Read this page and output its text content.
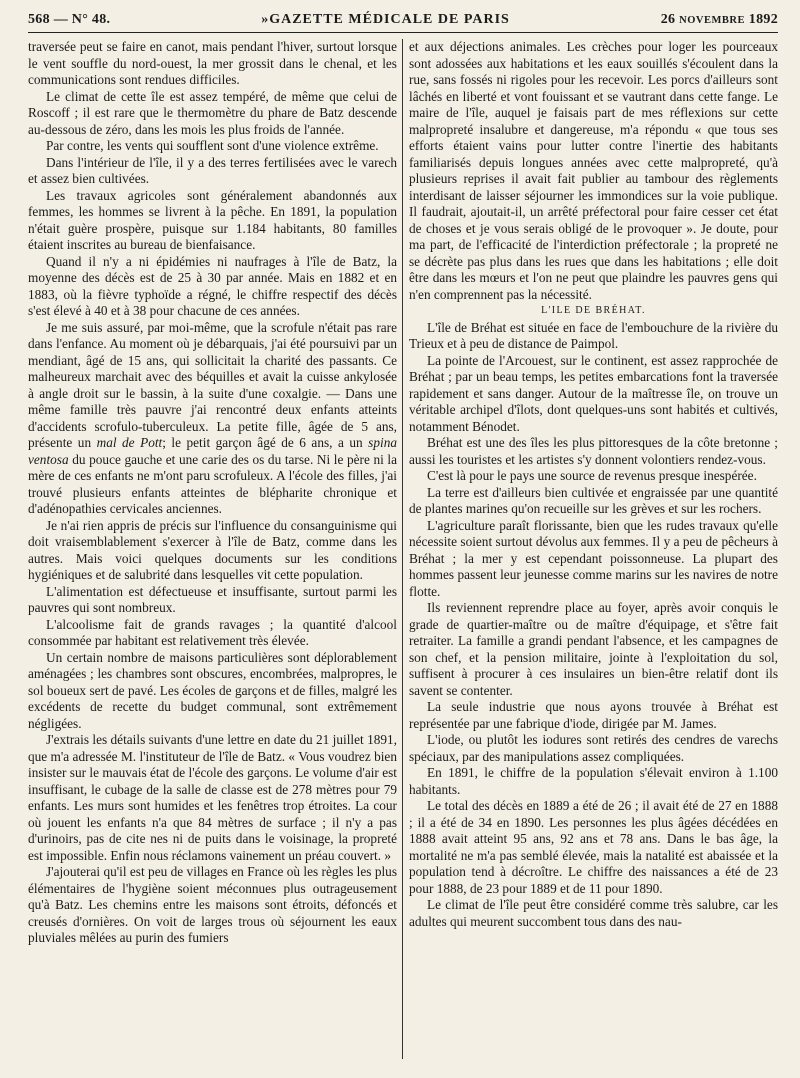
568 — N° 48.	»GAZETTE MÉDICALE DE PARIS	26 NOVEMBRE 1892

traversée peut se faire en canot, mais pendant l'hiver, surtout lorsque le vent souffle du nord-ouest, la mer grossit dans le chenal, et les communications sont rendues difficiles.

Le climat de cette île est assez tempéré, de même que celui de Roscoff ; il est rare que le thermomètre du phare de Batz descende au-dessous de zéro, dans les mois les plus froids de l'année.

Par contre, les vents qui soufflent sont d'une violence extrême.

Dans l'intérieur de l'île, il y a des terres fertilisées avec le varech et assez bien cultivées.

Les travaux agricoles sont généralement abandonnés aux femmes, les hommes se livrent à la pêche. En 1891, la population n'était guère prospère, puisque sur 1.184 habitants, 80 familles étaient inscrites au bureau de bienfaisance.

Quand il n'y a ni épidémies ni naufrages à l'île de Batz, la moyenne des décès est de 25 à 30 par année. Mais en 1882 et en 1883, où la fièvre typhoïde a régné, le chiffre respectif des décès s'est élevé à 40 et à 38 pour chacune de ces années.

Je me suis assuré, par moi-même, que la scrofule n'était pas rare dans l'enfance. Au moment où je débarquais, j'ai été poursuivi par un mendiant, âgé de 15 ans, qui sollicitait la charité des passants. Ce malheureux marchait avec des béquilles et avait la cuisse ankylosée à angle droit sur le bassin, à la suite d'une coxalgie. — Dans une même famille très pauvre j'ai rencontré deux enfants atteints d'accidents scrofulo-tuberculeux. La petite fille, âgée de 5 ans, présente un mal de Pott; le petit garçon âgé de 6 ans, a un spina ventosa du pouce gauche et une carie des os du tarse. Ni le père ni la mère de ces enfants ne m'ont paru scrofuleux. A l'école des filles, j'ai trouvé plusieurs enfants atteintes de blépharite chronique et d'adénopathies cervicales anciennes.

Je n'ai rien appris de précis sur l'influence du consanguinisme qui doit vraisemblablement s'exercer à l'île de Batz, comme dans les autres. Mais voici quelques documents sur les conditions hygiéniques et de salubrité dans lesquelles vit cette population.

L'alimentation est défectueuse et insuffisante, surtout parmi les pauvres qui sont nombreux.

L'alcoolisme fait de grands ravages ; la quantité d'alcool consommée par habitant est relativement très élevée.

Un certain nombre de maisons particulières sont déplorablement aménagées ; les chambres sont obscures, encombrées, malpropres, le sol boueux sert de pavé. Les écoles de garçons et de filles, malgré les excédents de recette du budget communal, sont extrêmement négligées.

J'extrais les détails suivants d'une lettre en date du 21 juillet 1891, que m'a adressée M. l'instituteur de l'île de Batz. « Vous voudrez bien insister sur le mauvais état de l'école des garçons. Le volume d'air est insuffisant, le cubage de la salle de classe est de 278 mètres pour 79 enfants. Les murs sont humides et les fenêtres trop étroites. La cour où jouent les enfants n'a que 84 mètres de surface ; il n'y a pas d'urinoirs, pas de cite nes ni de puits dans le voisinage, la propreté est impossible. Enfin nous réclamons vainement un préau couvert. »

J'ajouterai qu'il est peu de villages en France où les règles les plus élémentaires de l'hygiène soient méconnues plus outrageusement qu'à Batz. Les chemins entre les maisons sont étroits, défoncés et creusés d'ornières. On voit de larges trous où séjournent les eaux pluviales mêlées au purin des fumiers

et aux déjections animales. Les crèches pour loger les pourceaux sont adossées aux habitations et les eaux souillés s'écoulent dans la rue, sans fossés ni rigoles pour les recevoir. Les porcs d'ailleurs sont lâchés en liberté et vont fouissant et se vautrant dans cette fange. Le maire de l'île, auquel je faisais part de mes réflexions sur cette malpropreté insalubre et dangereuse, m'a répondu « que tous ses efforts étaient vains pour lutter contre l'inertie des habitants familiarisés depuis longues années avec cette malpropreté, qu'à plusieurs reprises il avait fait publier au tambour des règlements interdisant de laisser séjourner les immondices sur la voie publique. Il faudrait, ajoutait-il, un arrêté préfectoral pour faire cesser cet état de choses et je vous serais obligé de le provoquer ». Je doute, pour ma part, de l'efficacité de l'interdiction préfectorale ; la propreté ne se décrète pas plus dans les rues que dans les habitations ; elle doit être dans les mœurs et l'on ne peut que plaindre les pauvres gens qui n'en comprennent pas la nécessité.

L'ILE DE BRÉHAT.

L'île de Bréhat est située en face de l'embouchure de la rivière du Trieux et à peu de distance de Paimpol.

La pointe de l'Arcouest, sur le continent, est assez rapprochée de Bréhat ; par un beau temps, les petites embarcations font la traversée rapidement et sans danger. Autour de la maîtresse île, on trouve un véritable archipel d'îlots, dont quelques-uns sont habités et cultivés, notamment Bénodet.

Bréhat est une des îles les plus pittoresques de la côte bretonne ; aussi les touristes et les artistes s'y donnent volontiers rendez-vous.

C'est là pour le pays une source de revenus presque inespérée.

La terre est d'ailleurs bien cultivée et engraissée par une quantité de plantes marines qu'on recueille sur les grèves et sur les rochers.

L'agriculture paraît florissante, bien que les rudes travaux qu'elle nécessite soient surtout dévolus aux femmes. Il y a peu de pêcheurs à Bréhat ; la mer y est cependant poissonneuse. La plupart des hommes passent leur jeunesse comme marins sur les navires de notre flotte.

Ils reviennent reprendre place au foyer, après avoir conquis le grade de quartier-maître ou de maître d'équipage, et s'être fait retraiter. La famille a grandi pendant l'absence, et les campagnes de son chef, et la pension militaire, jointe à l'exploitation du sol, suffisent à procurer à ces insulaires un bien-être relatif dont ils savent se contenter.

La seule industrie que nous ayons trouvée à Bréhat est représentée par une fabrique d'iode, dirigée par M. James.

L'iode, ou plutôt les iodures sont retirés des cendres de varechs spéciaux, par des manipulations assez compliquées.

En 1891, le chiffre de la population s'élevait environ à 1.100 habitants.

Le total des décès en 1889 a été de 26 ; il avait été de 27 en 1888 ; il a été de 34 en 1890. Les personnes les plus âgées décédées en 1888 avait atteint 95 ans, 92 ans et 78 ans. Dans le bas âge, la mortalité ne m'a pas semblé élevée, mais la natalité est abaissée et la population tend à décroître. Le chiffre des naissances a été de 23 pour 1888, de 23 pour 1889 et de 11 pour 1890.

Le climat de l'île peut être considéré comme très salubre, car les adultes qui meurent succombent tous dans des nau-
